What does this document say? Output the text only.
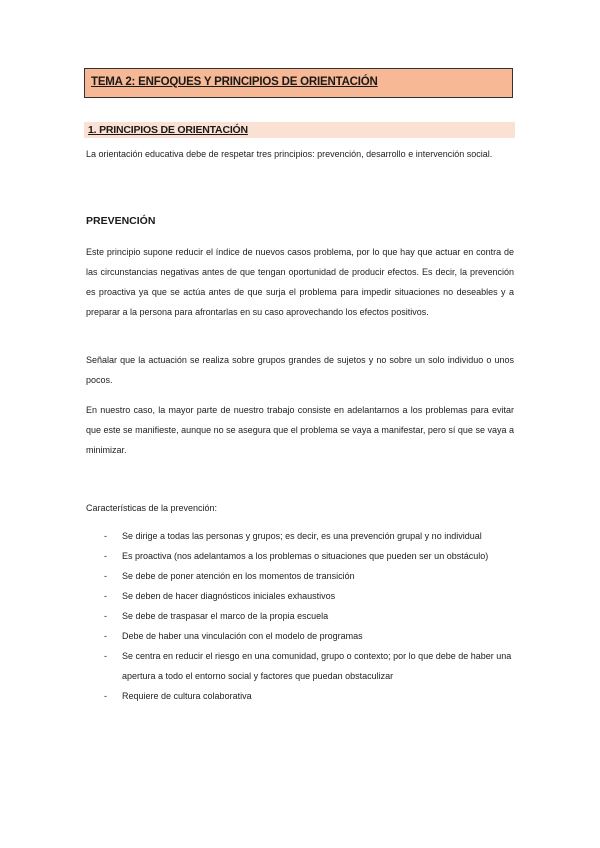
TEMA 2: ENFOQUES Y PRINCIPIOS DE ORIENTACIÓN
1. PRINCIPIOS DE ORIENTACIÓN
La orientación educativa debe de respetar tres principios: prevención, desarrollo e intervención social.
PREVENCIÓN
Este principio supone reducir el índice de nuevos casos problema, por lo que hay que actuar en contra de las circunstancias negativas antes de que tengan oportunidad de producir efectos. Es decir, la prevención es proactiva ya que se actúa antes de que surja el problema para impedir situaciones no deseables y a preparar a la persona para afrontarlas en su caso aprovechando los efectos positivos.
Señalar que la actuación se realiza sobre grupos grandes de sujetos y no sobre un solo individuo o unos pocos.
En nuestro caso, la mayor parte de nuestro trabajo consiste en adelantarnos a los problemas para evitar que este se manifieste, aunque no se asegura que el problema se vaya a manifestar, pero sí que se vaya a minimizar.
Características de la prevención:
- Se dirige a todas las personas y grupos; es decir, es una prevención grupal y no individual
- Es proactiva (nos adelantamos a los problemas o situaciones que pueden ser un obstáculo)
- Se debe de poner atención en los momentos de transición
- Se deben de hacer diagnósticos iniciales exhaustivos
- Se debe de traspasar el marco de la propia escuela
- Debe de haber una vinculación con el modelo de programas
- Se centra en reducir el riesgo en una comunidad, grupo o contexto; por lo que debe de haber una apertura a todo el entorno social y factores que puedan obstaculizar
- Requiere de cultura colaborativa
